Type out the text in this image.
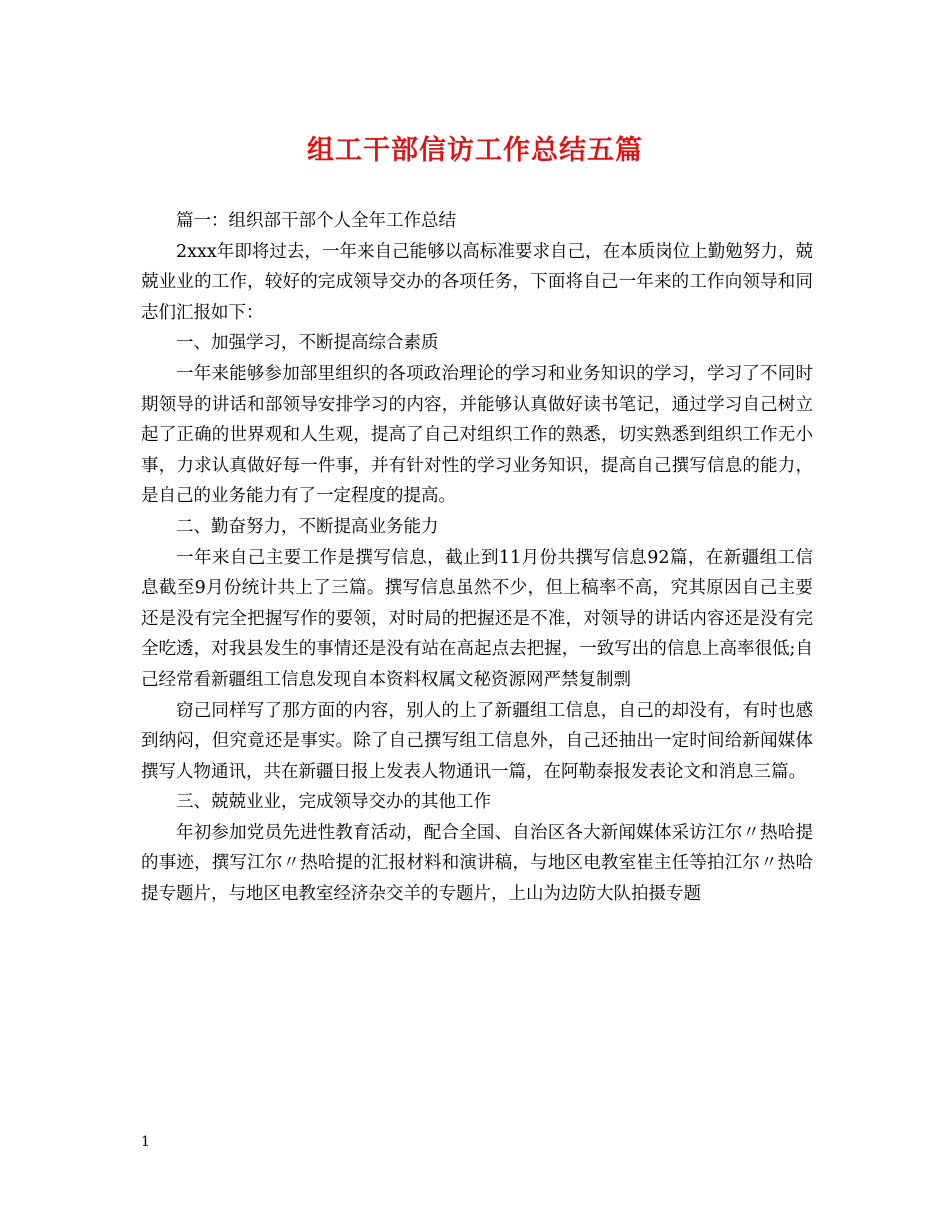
组工干部信访工作总结五篇

篇一：组织部干部个人全年工作总结

2xxx年即将过去，一年来自己能够以高标准要求自己，在本质岗位上勤勉努力，兢兢业业的工作，较好的完成领导交办的各项任务，下面将自己一年来的工作向领导和同志们汇报如下：

一、加强学习，不断提高综合素质

一年来能够参加部里组织的各项政治理论的学习和业务知识的学习，学习了不同时期领导的讲话和部领导安排学习的内容，并能够认真做好读书笔记，通过学习自己树立起了正确的世界观和人生观，提高了自己对组织工作的熟悉，切实熟悉到组织工作无小事，力求认真做好每一件事，并有针对性的学习业务知识，提高自己撰写信息的能力，是自己的业务能力有了一定程度的提高。

二、勤奋努力，不断提高业务能力

一年来自己主要工作是撰写信息，截止到11月份共撰写信息92篇，在新疆组工信息截至9月份统计共上了三篇。撰写信息虽然不少，但上稿率不高，究其原因自己主要还是没有完全把握写作的要领，对时局的把握还是不准，对领导的讲话内容还是没有完全吃透，对我县发生的事情还是没有站在高起点去把握，一致写出的信息上高率很低;自己经常看新疆组工信息发现自本资料权属文秘资源网严禁复制剽

窃己同样写了那方面的内容，别人的上了新疆组工信息，自己的却没有，有时也感到纳闷，但究竟还是事实。除了自己撰写组工信息外，自己还抽出一定时间给新闻媒体撰写人物通讯，共在新疆日报上发表人物通讯一篇，在阿勒泰报发表论文和消息三篇。

三、兢兢业业，完成领导交办的其他工作

年初参加党员先进性教育活动，配合全国、自治区各大新闻媒体采访江尔〃热哈提的事迹，撰写江尔〃热哈提的汇报材料和演讲稿，与地区电教室崔主任等拍江尔〃热哈提专题片，与地区电教室经济杂交羊的专题片，上山为边防大队拍摄专题

1
